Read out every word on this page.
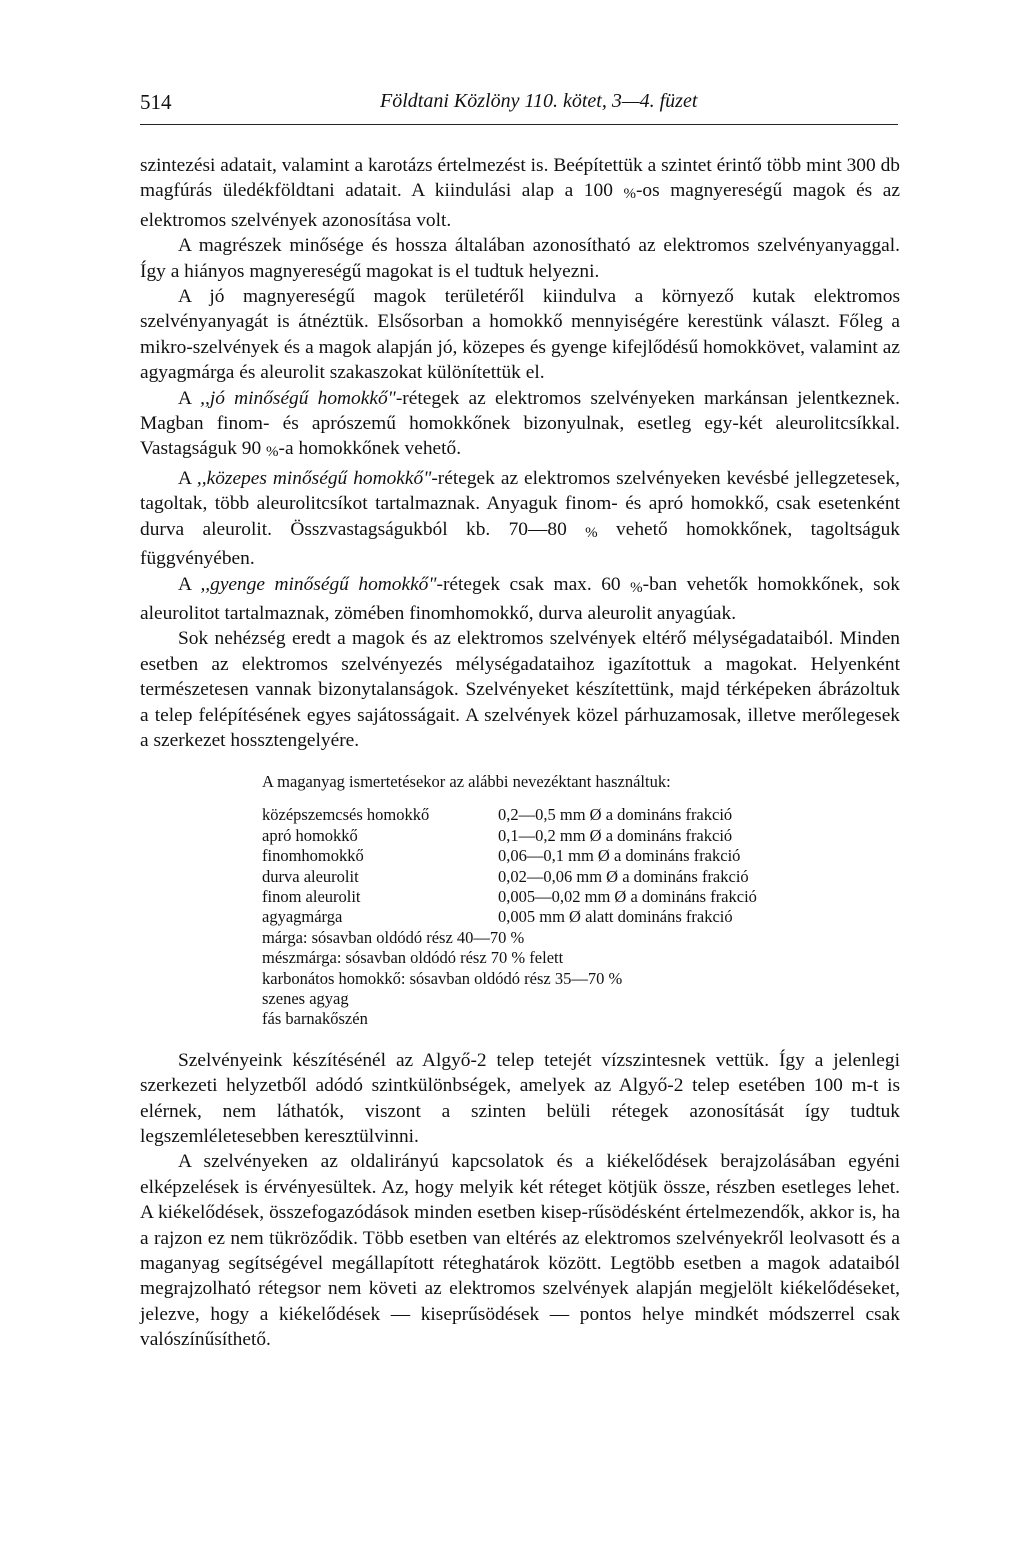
514	Földtani Közlöny 110. kötet, 3—4. füzet

szintezési adatait, valamint a karotázs értelmezést is. Beépítettük a szintet érintő több mint 300 db magfúrás üledékföldtani adatait. A kiindulási alap a 100 %-os magnyereségű magok és az elektromos szelvények azonosítása volt.

A magrészek minősége és hossza általában azonosítható az elektromos szelvényanyaggal. Így a hiányos magnyereségű magokat is el tudtuk helyezni.

A jó magnyereségű magok területéről kiindulva a környező kutak elektromos szelvényanyagát is átnéztük. Elsősorban a homokkő mennyiségére kerestünk választ. Főleg a mikro-szelvények és a magok alapján jó, közepes és gyenge kifejlődésű homokkövet, valamint az agyagmárga és aleurolit szakaszokat különítettük el.

A ,,jó minőségű homokkő"-rétegek az elektromos szelvényeken markánsan jelentkeznek. Magban finom- és aprószemű homokkőnek bizonyulnak, esetleg egy-két aleurolitcsíkkal. Vastagságuk 90 %-a homokkőnek vehető.

A ,,közepes minőségű homokkő"-rétegek az elektromos szelvényeken kevésbé jellegzetesek, tagoltak, több aleurolitcsíkot tartalmaznak. Anyaguk finom- és apró homokkő, csak esetenként durva aleurolit. Összvastagságukból kb. 70—80 % vehető homokkőnek, tagoltságuk függvényében.

A ,,gyenge minőségű homokkő"-rétegek csak max. 60 %-ban vehetők homokkőnek, sok aleurolitot tartalmaznak, zömében finomhomokkő, durva aleurolit anyagúak.

Sok nehézség eredt a magok és az elektromos szelvények eltérő mélységadataiból. Minden esetben az elektromos szelvényezés mélységadataihoz igazítottuk a magokat. Helyenként természetesen vannak bizonytalanságok. Szelvényeket készítettünk, majd térképeken ábrázoltuk a telep felépítésének egyes sajátosságait. A szelvények közel párhuzamosak, illetve merőlegesek a szerkezet hossztengelyére.

A maganyag ismertetésekor az alábbi nevezéktant használtuk:
középszemcsés homokkő	0,2—0,5 mm Ø a domináns frakció
apró homokkő	0,1—0,2 mm Ø a domináns frakció
finomhomokkő	0,06—0,1 mm Ø a domináns frakció
durva aleurolit	0,02—0,06 mm Ø a domináns frakció
finom aleurolit	0,005—0,02 mm Ø a domináns frakció
agyagmárga	0,005 mm Ø alatt domináns frakció
márga: sósavban oldódó rész 40—70 %
mészmárga: sósavban oldódó rész 70 % felett
karbonátos homokkő: sósavban oldódó rész 35—70 %
szenes agyag
fás barnakőszén

Szelvényeink készítésénél az Algyő-2 telep tetejét vízszintesnek vettük. Így a jelenlegi szerkezeti helyzetből adódó szintkülönbségek, amelyek az Algyő-2 telep esetében 100 m-t is elérnek, nem láthatók, viszont a szinten belüli rétegek azonosítását így tudtuk legszemléletesebben keresztülvinni.

A szelvényeken az oldalirányú kapcsolatok és a kiékelődések berajzolásában egyéni elképzelések is érvényesültek. Az, hogy melyik két réteget kötjük össze, részben esetleges lehet. A kiékelődések, összefogazódások minden esetben kisep-rűsödésként értelmezendők, akkor is, ha a rajzon ez nem tükröződik. Több esetben van eltérés az elektromos szelvényekről leolvasott és a maganyag segítségével megállapított réteghatárok között. Legtöbb esetben a magok adataiból megrajzolható rétegsor nem követi az elektromos szelvények alapján megjelölt kiékelődéseket, jelezve, hogy a kiékelődések — kiseprűsödések — pontos helye mindkét módszerrel csak valószínűsíthető.
